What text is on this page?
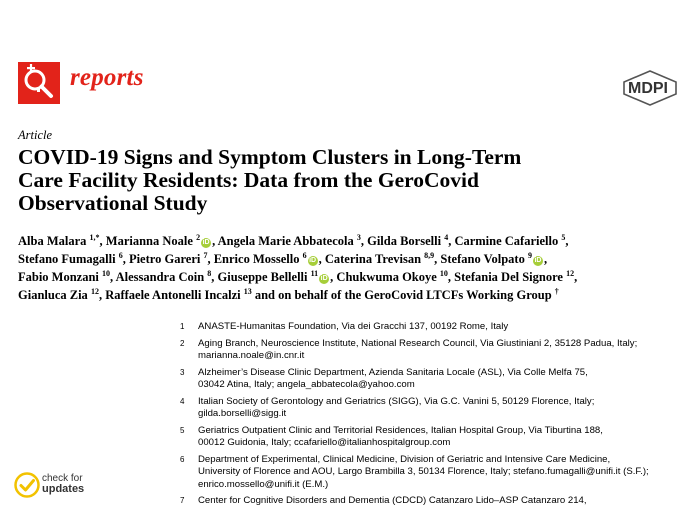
reports	MDPI
Article
COVID-19 Signs and Symptom Clusters in Long-Term
Care Facility Residents: Data from the GeroCovid
Observational Study
Alba Malara $^{1,*}$, Marianna Noale $^2$iD , Angela Marie Abbatecola $^3$, Gilda Borselli $^4$, Carmine Cafariello $^5$,
Stefano Fumagalli $^6$, Pietro Gareri $^7$, Enrico Mossello $^6$iD , Caterina Trevisan $^{8,9}$, Stefano Volpato $^9$iD ,
Fabio Monzani $^{10}$, Alessandra Coin $^8$, Giuseppe Bellelli $^{11}$iD , Chukwuma Okoye $^{10}$, Stefania Del Signore $^{12}$,
Gianluca Zia $^{12}$, Raffaele Antonelli Incalzi $^{13}$ and on behalf of the GeroCovid LTCFs Working Group †
1 ANASTE-Humanitas Foundation, Via dei Gracchi 137, 00192 Rome, Italy
2 Aging Branch, Neuroscience Institute, National Research Council, Via Giustiniani 2, 35128 Padua, Italy;
marianna.noale@in.cnr.it
3 Alzheimer’s Disease Clinic Department, Azienda Sanitaria Locale (ASL), Via Colle Melfa 75,
03042 Atina, Italy; angela_abbatecola@yahoo.com
4 Italian Society of Gerontology and Geriatrics (SIGG), Via G.C. Vanini 5, 50129 Florence, Italy;
gilda.borselli@sigg.it
5 Geriatrics Outpatient Clinic and Territorial Residences, Italian Hospital Group, Via Tiburtina 188,
00012 Guidonia, Italy; ccafariello@italianhospitalgroup.com
6 Department of Experimental, Clinical Medicine, Division of Geriatric and Intensive Care Medicine,
University of Florence and AOU, Largo Brambilla 3, 50134 Florence, Italy; stefano.fumagalli@unifi.it (S.F.);
enrico.mossello@unifi.it (E.M.)
7 Center for Cognitive Disorders and Dementia (CDCD) Catanzaro Lido–ASP Catanzaro 214,
check for
updates
